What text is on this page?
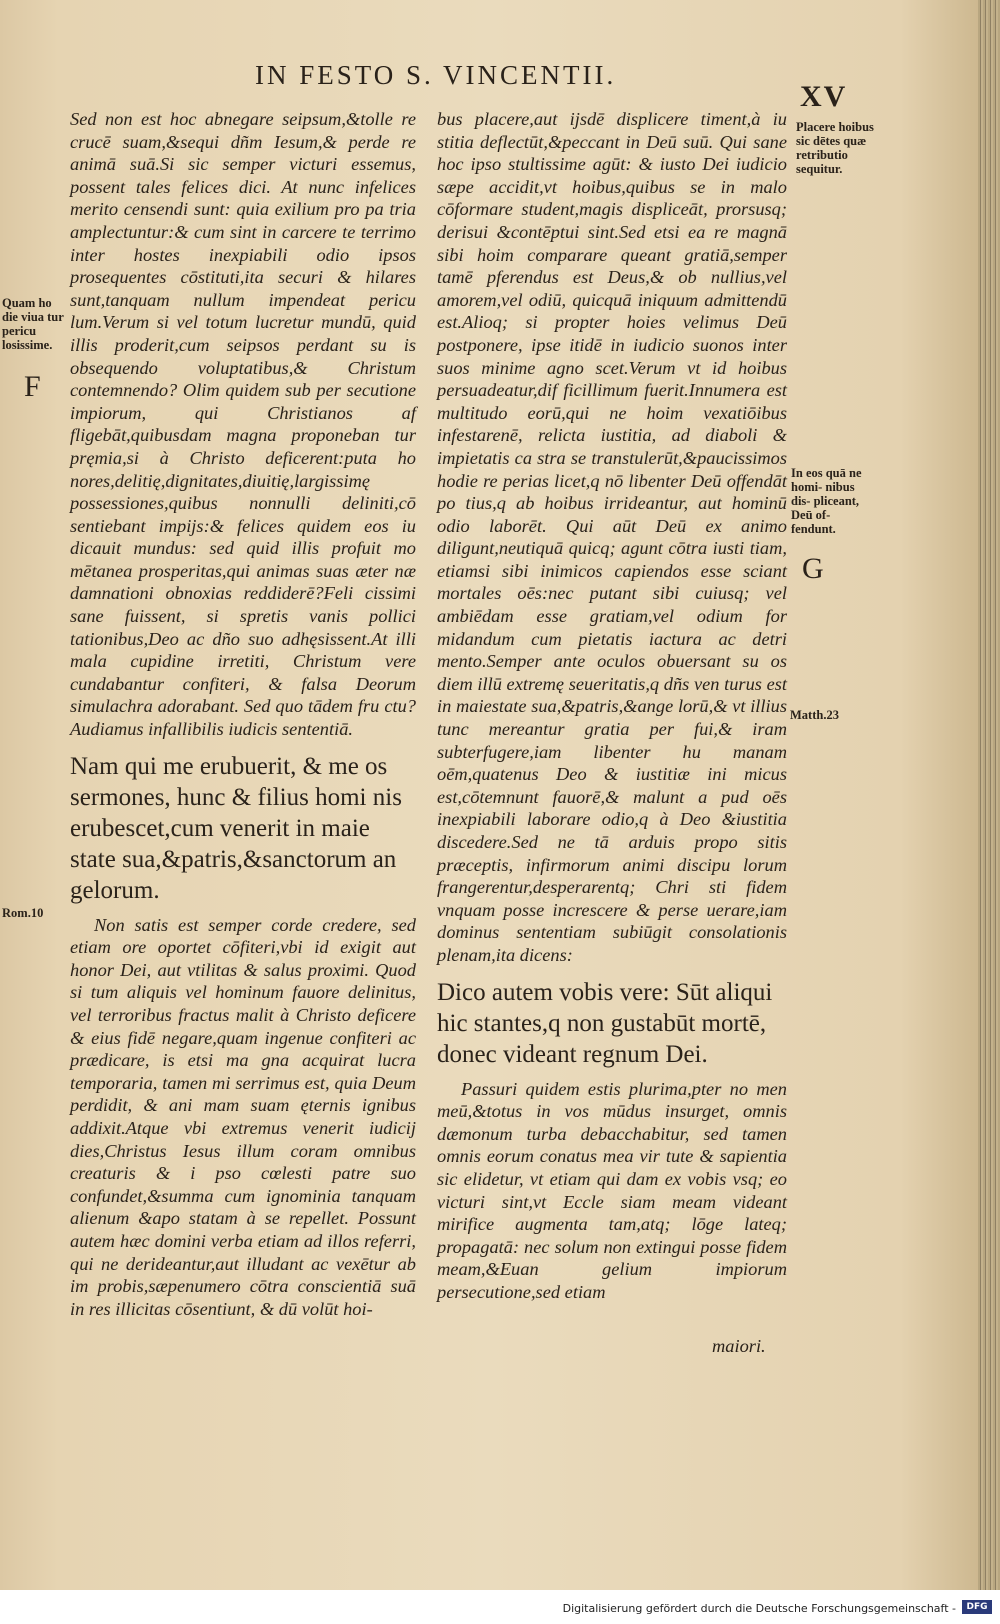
IN FESTO S. VINCENTII.
XV

Sed non est hoc abnegare seipsum,&tolle re crucē suam,&sequi dñm Iesum,& perde re animā suā.Si sic semper victuri essemus, possent tales felices dici. At nunc infelices merito censendi sunt: quia exilium pro pa tria amplectuntur:& cum sint in carcere te terrimo inter hostes inexpiabili odio ipsos prosequentes cōstituti,ita securi & hilares sunt,tanquam nullum impendeat pericu lum.Verum si vel totum lucretur mundū, quid illis proderit,cum seipsos perdant su is obsequendo voluptatibus,& Christum contemnendo? Olim quidem sub per secutione impiorum, qui Christianos af fligebāt,quibusdam magna proponeban tur pręmia,si à Christo deficerent:puta ho nores,delitię,dignitates,diuitię,largissimę possessiones,quibus nonnulli deliniti,cō sentiebant impijs:& felices quidem eos iu dicauit mundus: sed quid illis profuit mo mētanea prosperitas,qui animas suas æter næ damnationi obnoxias reddiderē?Feli cissimi sane fuissent, si spretis vanis pollici tationibus,Deo ac dño suo adhęsissent.At illi mala cupidine irretiti, Christum vere cundabantur confiteri, & falsa Deorum simulachra adorabant. Sed quo tādem fru ctu?Audiamus infallibilis iudicis sententiā.

Nam qui me erubuerit, & me os sermones, hunc & filius homi nis erubescet,cum venerit in maie state sua,&patris,&sanctorum an gelorum.

Non satis est semper corde credere, sed etiam ore oportet cōfiteri,vbi id exigit aut honor Dei, aut vtilitas & salus proximi. Quod si tum aliquis vel hominum fauore delinitus, vel terroribus fractus malit à Christo deficere & eius fidē negare,quam ingenue confiteri ac prædicare, is etsi ma gna acquirat lucra temporaria, tamen mi serrimus est, quia Deum perdidit, & ani mam suam ęternis ignibus addixit.Atque vbi extremus venerit iudicij dies,Christus Iesus illum coram omnibus creaturis & i pso cœlesti patre suo confundet,&summa cum ignominia tanquam alienum &apo statam à se repellet. Possunt autem hæc domini verba etiam ad illos referri, qui ne derideantur,aut illudant ac vexētur ab im probis,sæpenumero cōtra conscientiā suā in res illicitas cōsentiunt, & dū volūt hoi-

bus placere,aut ijsdē displicere timent,à iu stitia deflectūt,&peccant in Deū suū. Qui sane hoc ipso stultissime agūt: & iusto Dei iudicio sæpe accidit,vt hoibus,quibus se in malo cōformare student,magis displiceāt, prorsusq; derisui &contēptui sint.Sed etsi ea re magnā sibi hoim comparare queant gratiā,semper tamē pferendus est Deus,& ob nullius,vel amorem,vel odiū, quicquā iniquum admittendū est.Alioq; si propter hoies velimus Deū postponere, ipse itidē in iudicio suonos inter suos minime agno scet.Verum vt id hoibus persuadeatur,dif ficillimum fuerit.Innumera est multitudo eorū,qui ne hoim vexatiōibus infestarenē, relicta iustitia, ad diaboli & impietatis ca stra se transtulerūt,&paucissimos hodie re perias licet,q nō libenter Deū offendāt po tius,q ab hoibus irrideantur, aut hominū odio laborēt. Qui aūt Deū ex animo diligunt,neutiquā quicq; agunt cōtra iusti tiam, etiamsi sibi inimicos capiendos esse sciant mortales oēs:nec putant sibi cuiusq; vel ambiēdam esse gratiam,vel odium for midandum cum pietatis iactura ac detri mento.Semper ante oculos obuersant su os diem illū extremę seueritatis,q dñs ven turus est in maiestate sua,&patris,&ange lorū,& vt illius tunc mereantur gratia per fui,& iram subterfugere,iam libenter hu manam oēm,quatenus Deo & iustitiæ ini micus est,cōtemnunt fauorē,& malunt a pud oēs inexpiabili laborare odio,q à Deo &iustitia discedere.Sed ne tā arduis propo sitis præceptis, infirmorum animi discipu lorum frangerentur,desperarentq; Chri sti fidem vnquam posse increscere & perse uerare,iam dominus sententiam subiūgit consolationis plenam,ita dicens:

Dico autem vobis vere: Sūt aliqui hic stantes,q non gustabūt mortē, donec videant regnum Dei.

Passuri quidem estis plurima,pter no men meū,&totus in vos mūdus insurget, omnis dæmonum turba debacchabitur, sed tamen omnis eorum conatus mea vir tute & sapientia sic elidetur, vt etiam qui dam ex vobis vsq; eo victuri sint,vt Eccle siam meam videant mirifice augmenta tam,atq; lōge lateq; propagatā: nec solum non extingui posse fidem meam,&Euan gelium impiorum persecutione,sed etiam

maiori.
Quam ho die viua tur pericu losissime.
F
Rom.10
Placere hoibus sic dētes quæ retributio sequitur.
In eos quā ne homi- nibus dis- pliceant, Deū of- fendunt.
G
Matth.23
Digitalisierung gefördert durch die Deutsche Forschungsgemeinschaft -	DFG
